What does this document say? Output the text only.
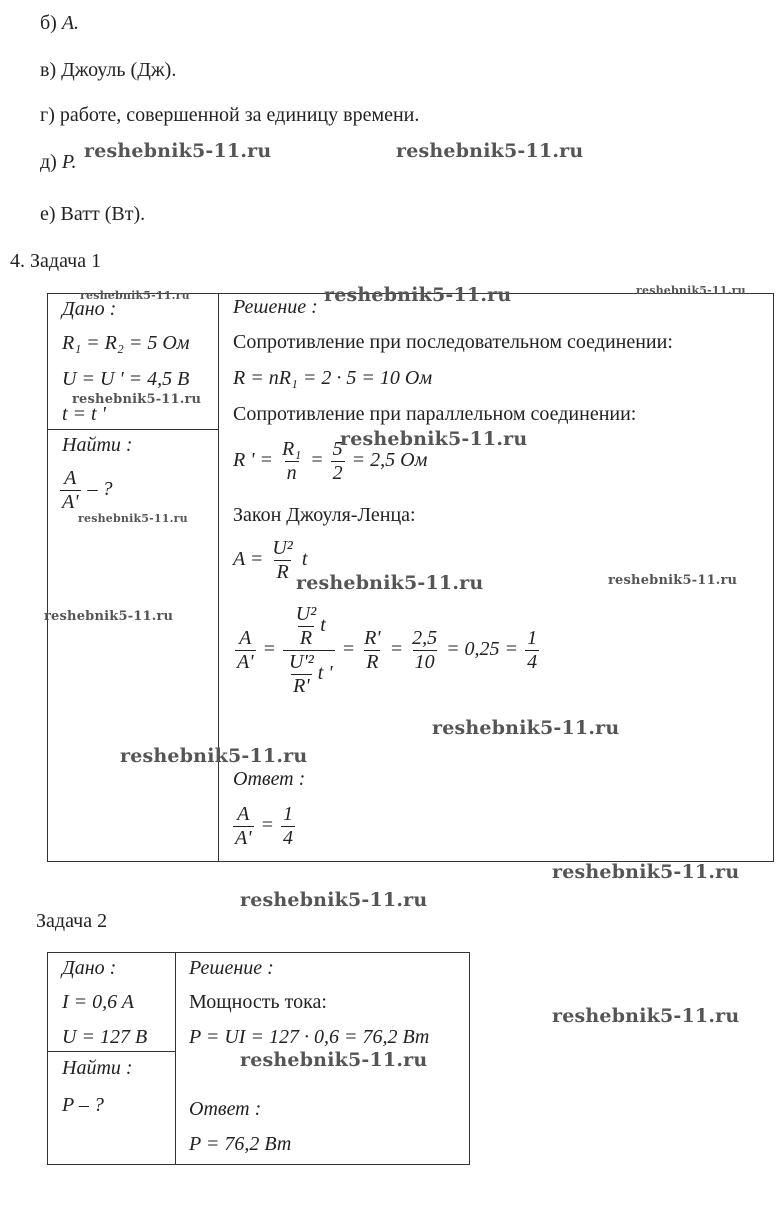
б) А.
в) Джоуль (Дж).
г) работе, совершенной за единицу времени.
д) P.
е) Ватт (Вт).
4. Задача 1
Дано :
R₁ = R₂ = 5 Ом
U = U ' = 4,5 B
t = t '
Найти :
$\frac{A}{A'}$ – ?
Решение :
Сопротивление при последовательном соединении:
R = nR₁ = 2 · 5 = 10 Ом
Сопротивление при параллельном соединении:
R ' = $\frac{\text{R₁}}{n} = \frac{5}{2} = 2,5$ Ом
Закон Джоуля-Ленца:
$A = \frac{\text{U²}}{R}$ t
$\frac{A}{A'} = \frac{\frac{\text{U²}}{R} t}{\frac{\text{U'²}}{R'} t '} = \frac{R'}{R} = \frac{2,5}{10} = 0,25 = \frac{1}{4}$
Ответ :
$\frac{A}{A'} = \frac{1}{4}$
Задача 2
Дано :
I = 0,6 A
U = 127 B
Найти :
P – ?
Решение :
Мощность тока:
P = UI = 127 · 0,6 = 76,2 Вт
Ответ :
P = 76,2 Вт
reshebnik5-11.ru	reshebnik5-11.ru
reshebnik5-11.ru	reshebnik5-11.ru	reshebnik5-11.ru
reshebnik5-11.ru
reshebnik5-11.ru
reshebnik5-11.ru
reshebnik5-11.ru	reshebnik5-11.ru
reshebnik5-11.ru
reshebnik5-11.ru
reshebnik5-11.ru
reshebnik5-11.ru
reshebnik5-11.ru
reshebnik5-11.ru
reshebnik5-11.ru
